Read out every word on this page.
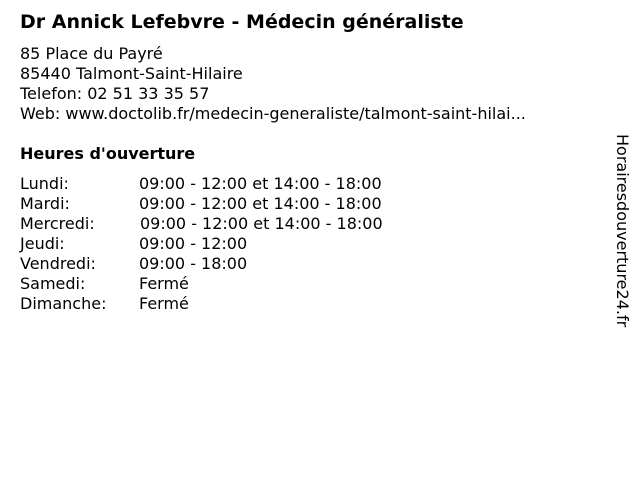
Dr Annick Lefebvre - Médecin généraliste
85 Place du Payré
85440 Talmont-Saint-Hilaire
Telefon: 02 51 33 35 57
Web: www.doctolib.fr/medecin-generaliste/talmont-saint-hilai...
Heures d'ouverture
Lundi:	09:00 - 12:00 et 14:00 - 18:00
Mardi:	09:00 - 12:00 et 14:00 - 18:00
Mercredi:	09:00 - 12:00 et 14:00 - 18:00
Jeudi:	09:00 - 12:00
Vendredi:	09:00 - 18:00
Samedi:	Fermé
Dimanche: Fermé	Horairesdouverture24.fr
